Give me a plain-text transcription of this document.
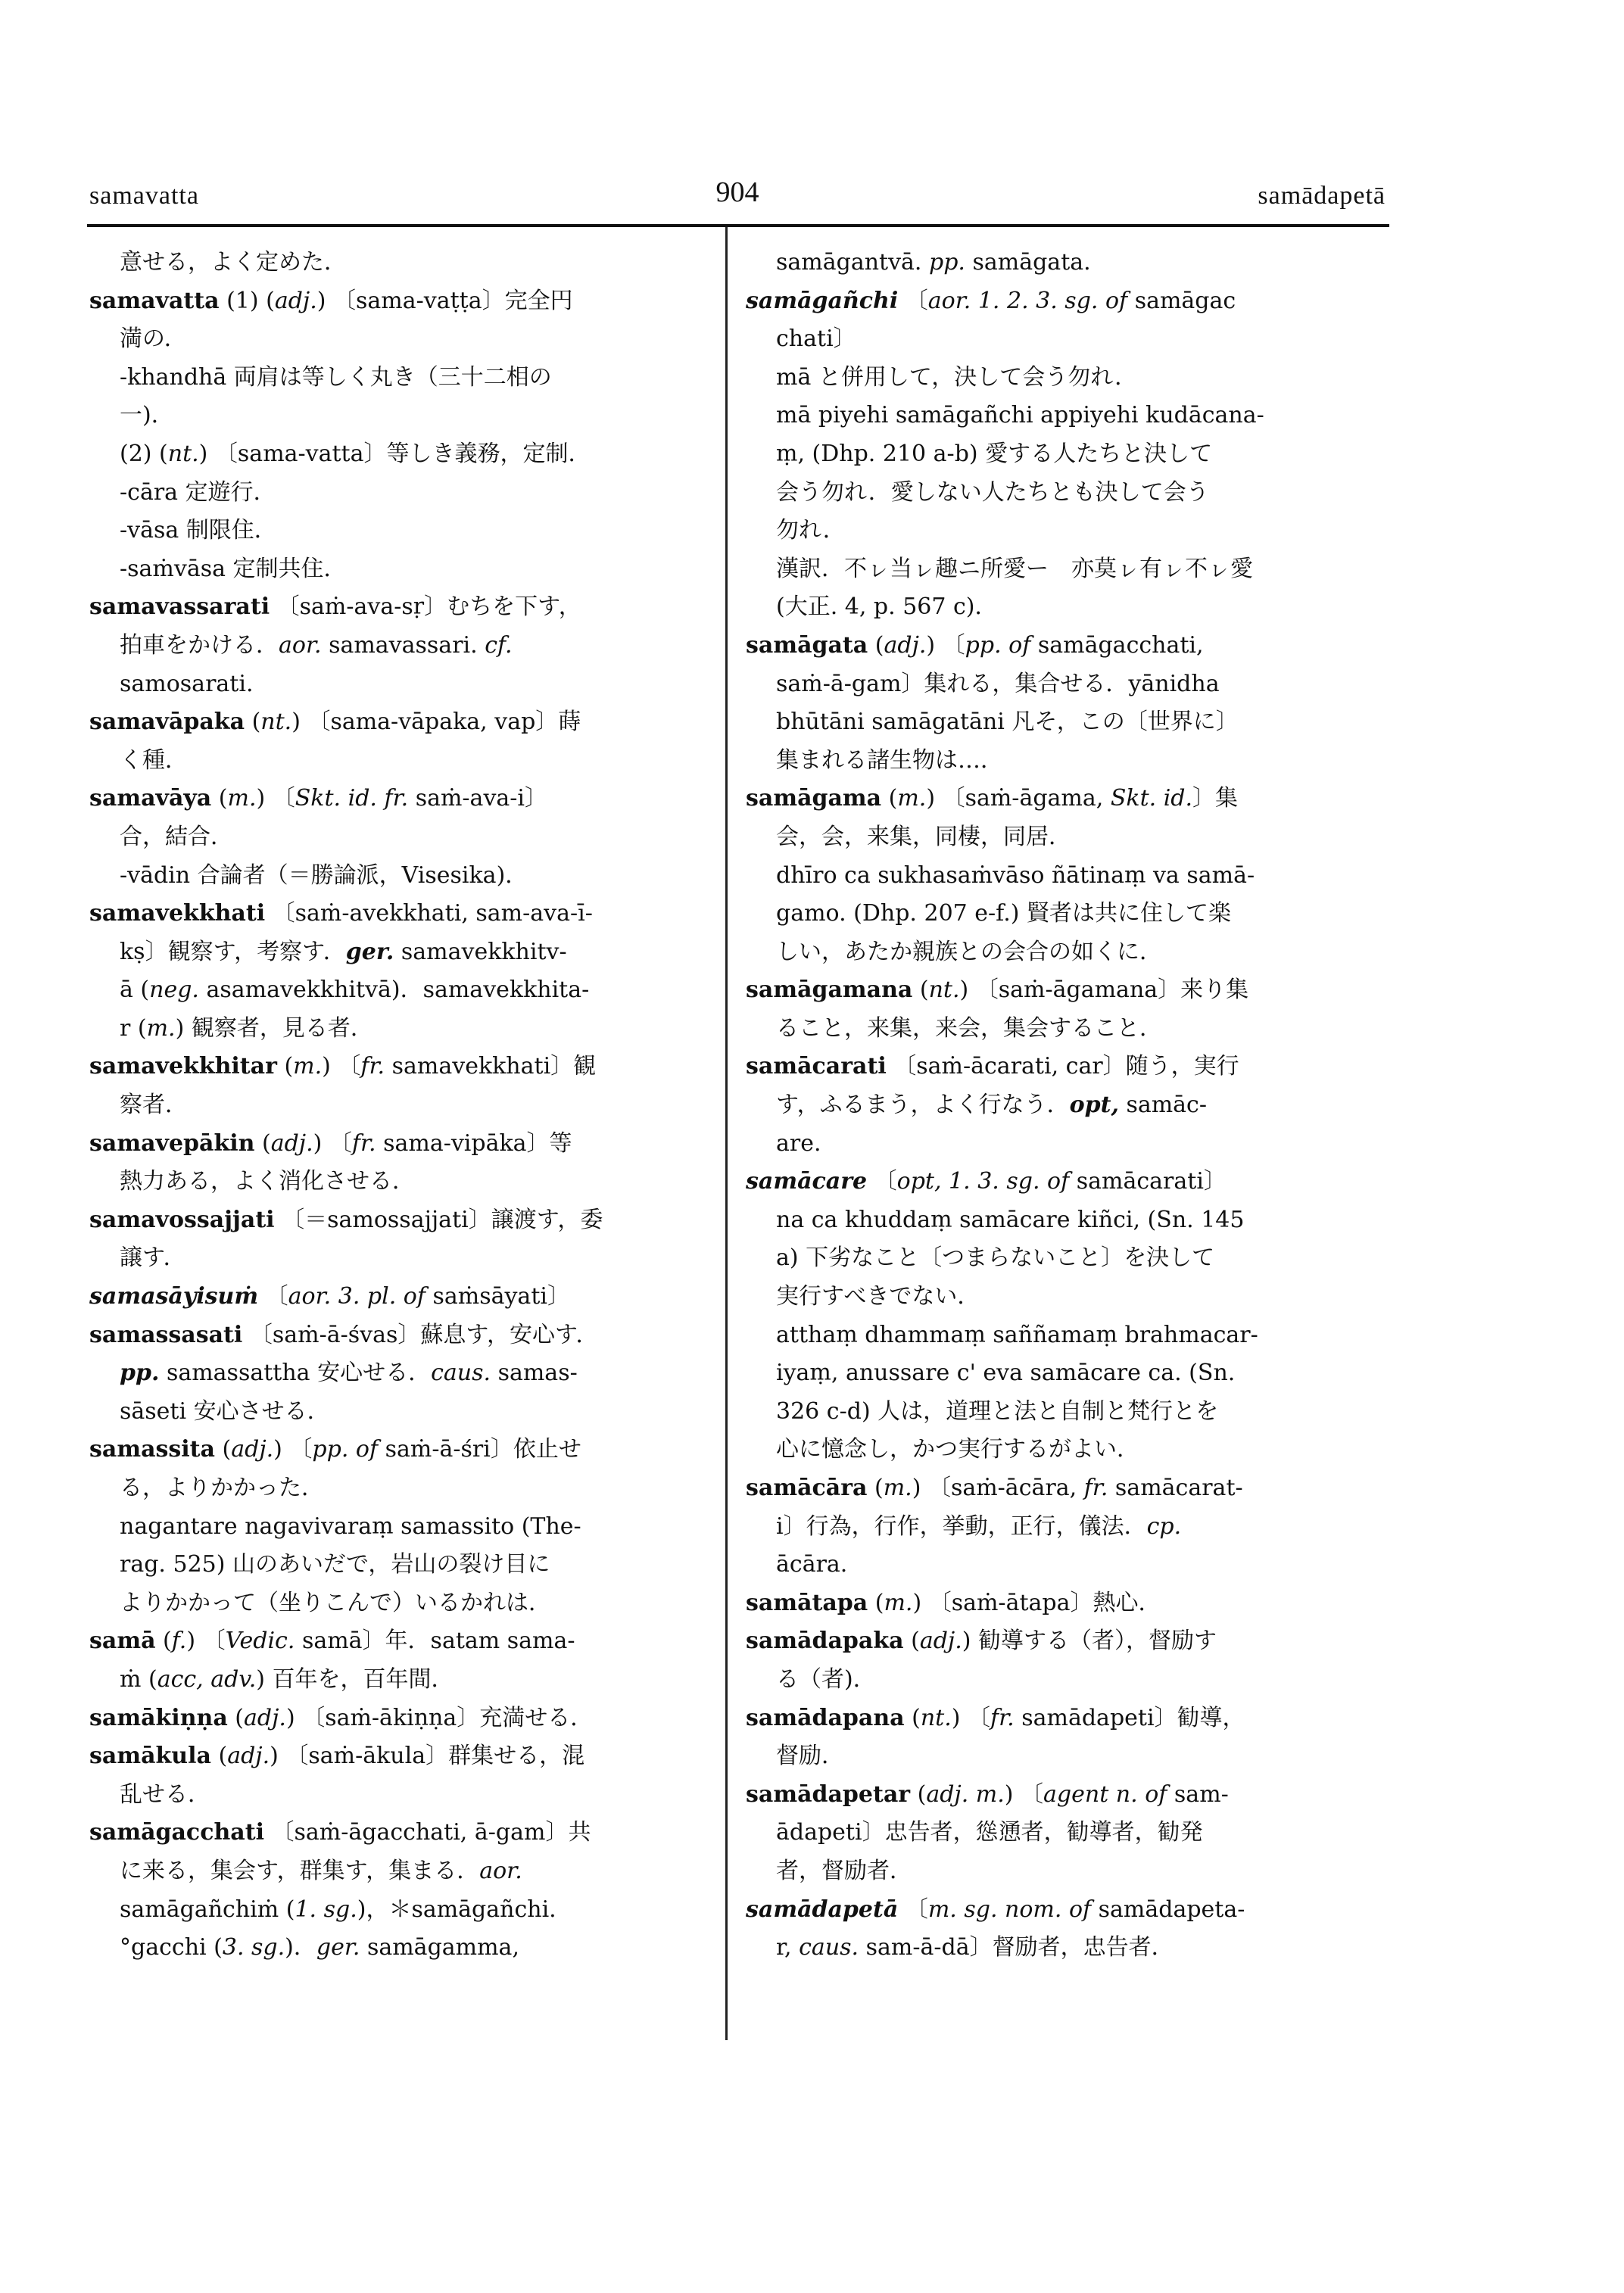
samavatta	904	samādapetā
意せる，よく定めた．
samavatta (1) (adj.) 〔sama-vaṭṭa〕完全円
満の．
-khandhā 両肩は等しく丸き（三十二相の
一)．
(2) (nt.) 〔sama-vatta〕等しき義務，定制．
-cāra 定遊行．
-vāsa 制限住．
-saṁvāsa 定制共住．
samavassarati 〔saṁ-ava-sṛ〕むちを下す，
拍車をかける．aor. samavassari. cf.
samosarati.
samavāpaka (nt.) 〔sama-vāpaka, vap〕蒔
く種．
samavāya (m.) 〔Skt. id. fr. saṁ-ava-i〕
合，結合．
-vādin 合論者（＝勝論派，Visesika)．
samavekkhati 〔saṁ-avekkhati, sam-ava-ī-
kṣ〕観察す，考察す．ger. samavekkhitv-
ā (neg. asamavekkhitvā)．samavekkhita-
r (m.) 観察者，見る者．
samavekkhitar (m.) 〔fr. samavekkhati〕観
察者．
samavepākin (adj.) 〔fr. sama-vipāka〕等
熱力ある，よく消化させる．
samavossajjati 〔＝samossajjati〕譲渡す，委
譲す．
samasāyisuṁ 〔aor. 3. pl. of saṁsāyati〕
samassasati 〔saṁ-ā-śvas〕蘇息す，安心す．
pp. samassattha 安心せる．caus. samas-
sāseti 安心させる．
samassita (adj.) 〔pp. of saṁ-ā-śri〕依止せ
る，よりかかった．
nagantare nagavivaraṃ samassito (The-
rag. 525) 山のあいだで，岩山の裂け目に
よりかかって（坐りこんで）いるかれは．
samā (f.) 〔Vedic. samā〕年．satam sama-
ṁ (acc, adv.) 百年を，百年間．
samākiṇṇa (adj.) 〔saṁ-ākiṇṇa〕充満せる．
samākula (adj.) 〔saṁ-ākula〕群集せる，混
乱せる．
samāgacchati 〔saṁ-āgacchati, ā-gam〕共
に来る，集会す，群集す，集まる．aor.
samāgañchiṁ (1. sg.)，＊samāgañchi.
°gacchi (3. sg.)．ger. samāgamma,
samāgantvā. pp. samāgata.
samāgañchi 〔aor. 1. 2. 3. sg. of samāgac
chati〕
mā と併用して，決して会う勿れ．
mā piyehi samāgañchi appiyehi kudācana-
ṃ, (Dhp. 210 a-b) 愛する人たちと決して
会う勿れ．愛しない人たちとも決して会う
勿れ．
漢訳．不ㇾ当ㇾ趣ニ所愛ー　亦莫ㇾ有ㇾ不ㇾ愛
(大正. 4, p. 567 c)．
samāgata (adj.) 〔pp. of samāgacchati,
saṁ-ā-gam〕集れる，集合せる．yānidha
bhūtāni samāgatāni 凡そ，この〔世界に〕
集まれる諸生物は…．
samāgama (m.) 〔saṁ-āgama, Skt. id.〕集
会，会，来集，同棲，同居．
dhīro ca sukhasaṁvāso ñātinaṃ va samā-
gamo. (Dhp. 207 e-f.) 賢者は共に住して楽
しい，あたか親族との会合の如くに．
samāgamana (nt.) 〔saṁ-āgamana〕来り集
ること，来集，来会，集会すること．
samācarati 〔saṁ-ācarati, car〕随う，実行
す，ふるまう，よく行なう．opt, samāc-
are.
samācare 〔opt, 1. 3. sg. of samācarati〕
na ca khuddaṃ samācare kiñci, (Sn. 145
a) 下劣なこと〔つまらないこと〕を決して
実行すべきでない．
atthaṃ dhammaṃ saññamaṃ brahmacar-
iyaṃ, anussare c' eva samācare ca. (Sn.
326 c-d) 人は，道理と法と自制と梵行とを
心に憶念し，かつ実行するがよい．
samācāra (m.) 〔saṁ-ācāra, fr. samācarat-
i〕行為，行作，挙動，正行，儀法．cp.
ācāra.
samātapa (m.) 〔saṁ-ātapa〕熱心．
samādapaka (adj.) 勧導する（者），督励す
る（者)．
samādapana (nt.) 〔fr. samādapeti〕勧導，
督励．
samādapetar (adj. m.) 〔agent n. of sam-
ādapeti〕忠告者，慫慂者，勧導者，勧発
者，督励者．
samādapetā 〔m. sg. nom. of samādapeta-
r, caus. sam-ā-dā〕督励者，忠告者．
